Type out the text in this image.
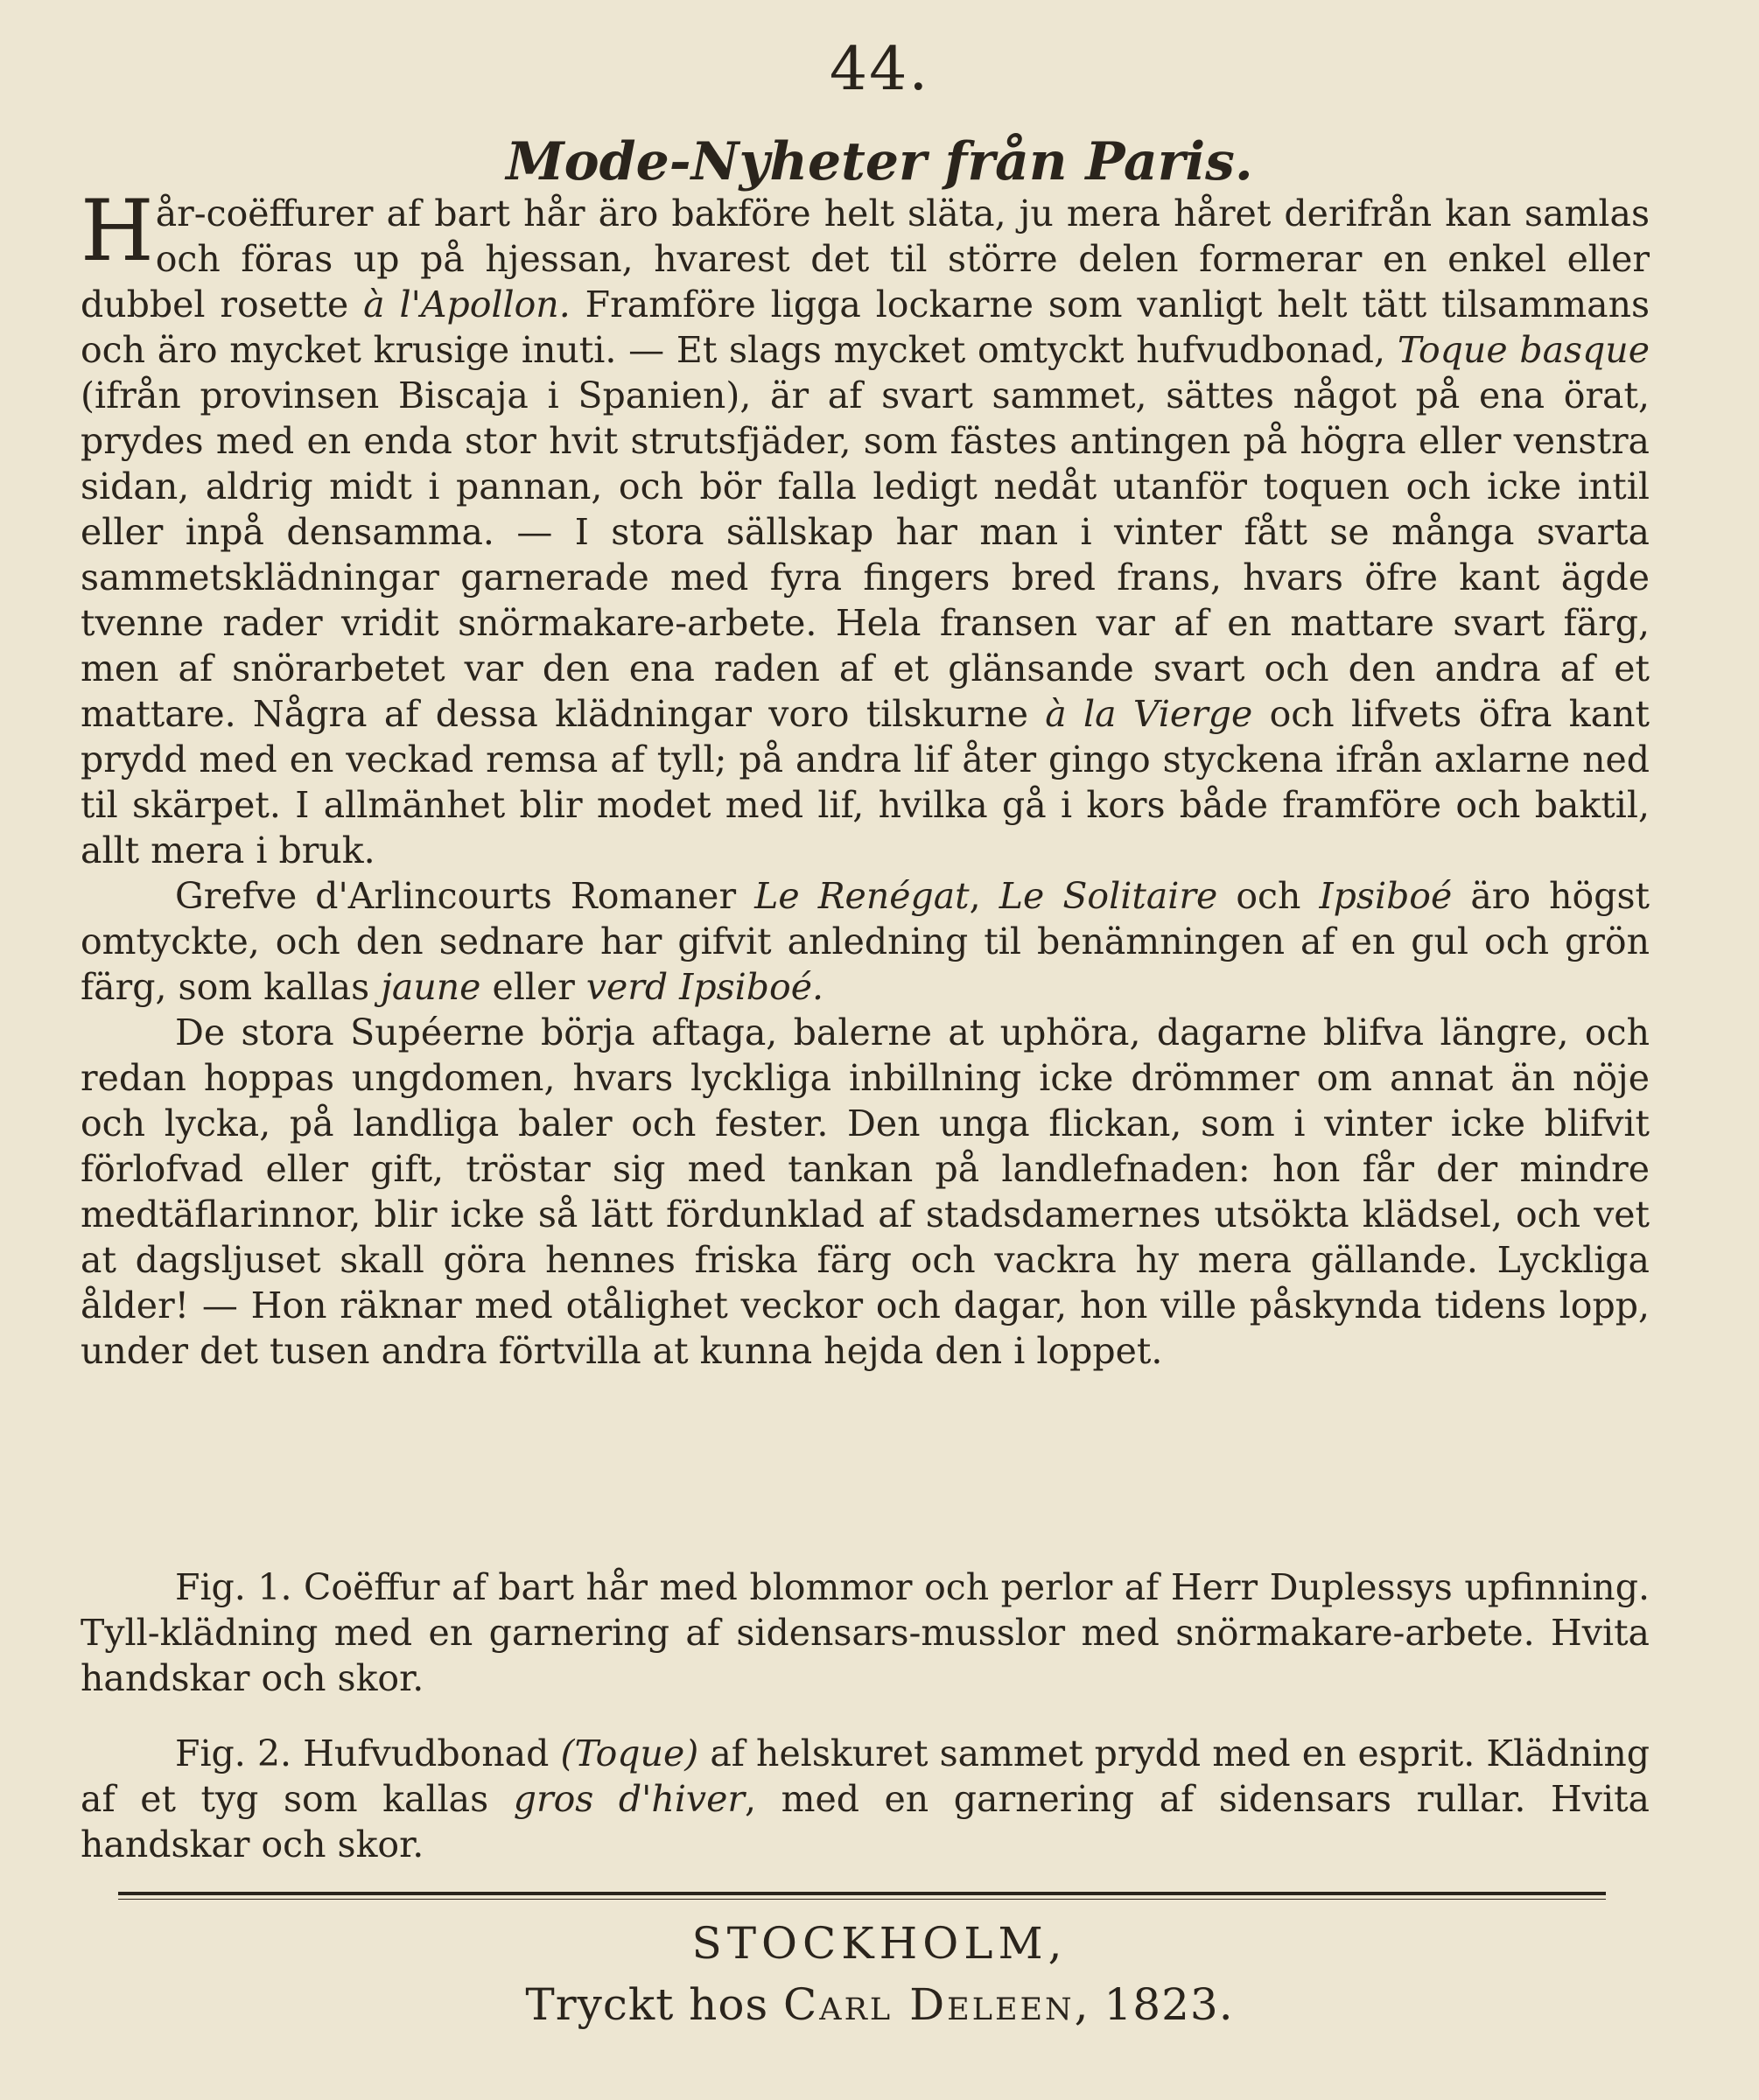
44.
Mode-Nyheter från Paris.

Hår-coëffurer af bart hår äro bakföre helt släta, ju mera håret derifrån kan samlas och föras up på hjessan, hvarest det til större delen formerar en enkel eller dubbel rosette à l'Apollon. Framföre ligga lockarne som vanligt helt tätt tilsammans och äro mycket krusige inuti. — Et slags mycket omtyckt hufvudbonad, Toque basque (ifrån provinsen Biscaja i Spanien), är af svart sammet, sättes något på ena örat, prydes med en enda stor hvit strutsfjäder, som fästes antingen på högra eller venstra sidan, aldrig midt i pannan, och bör falla ledigt nedåt utanför toquen och icke intil eller inpå densamma. — I stora sällskap har man i vinter fått se många svarta sammetsklädningar garnerade med fyra fingers bred frans, hvars öfre kant ägde tvenne rader vridit snörmakare-arbete. Hela fransen var af en mattare svart färg, men af snörarbetet var den ena raden af et glänsande svart och den andra af et mattare. Några af dessa klädningar voro tilskurne à la Vierge och lifvets öfra kant prydd med en veckad remsa af tyll; på andra lif åter gingo styckena ifrån axlarne ned til skärpet. I allmänhet blir modet med lif, hvilka gå i kors både framföre och baktil, allt mera i bruk.

Grefve d'Arlincourts Romaner Le Renégat, Le Solitaire och Ipsiboé äro högst omtyckte, och den sednare har gifvit anledning til benämningen af en gul och grön färg, som kallas jaune eller verd Ipsiboé.

De stora Supéerne börja aftaga, balerne at uphöra, dagarne blifva längre, och redan hoppas ungdomen, hvars lyckliga inbillning icke drömmer om annat än nöje och lycka, på landliga baler och fester. Den unga flickan, som i vinter icke blifvit förlofvad eller gift, tröstar sig med tankan på landlefnaden: hon får der mindre medtäflarinnor, blir icke så lätt fördunklad af stadsdamernes utsökta klädsel, och vet at dagsljuset skall göra hennes friska färg och vackra hy mera gällande. Lyckliga ålder! — Hon räknar med otålighet veckor och dagar, hon ville påskynda tidens lopp, under det tusen andra förtvilla at kunna hejda den i loppet.

Fig. 1. Coëffur af bart hår med blommor och perlor af Herr Duplessys upfinning. Tyll-klädning med en garnering af sidensars-musslor med snörmakare-arbete. Hvita handskar och skor.

Fig. 2. Hufvudbonad (Toque) af helskuret sammet prydd med en esprit. Klädning af et tyg som kallas gros d'hiver, med en garnering af sidensars rullar. Hvita handskar och skor.

STOCKHOLM,
Tryckt hos Carl Deleen, 1823.
